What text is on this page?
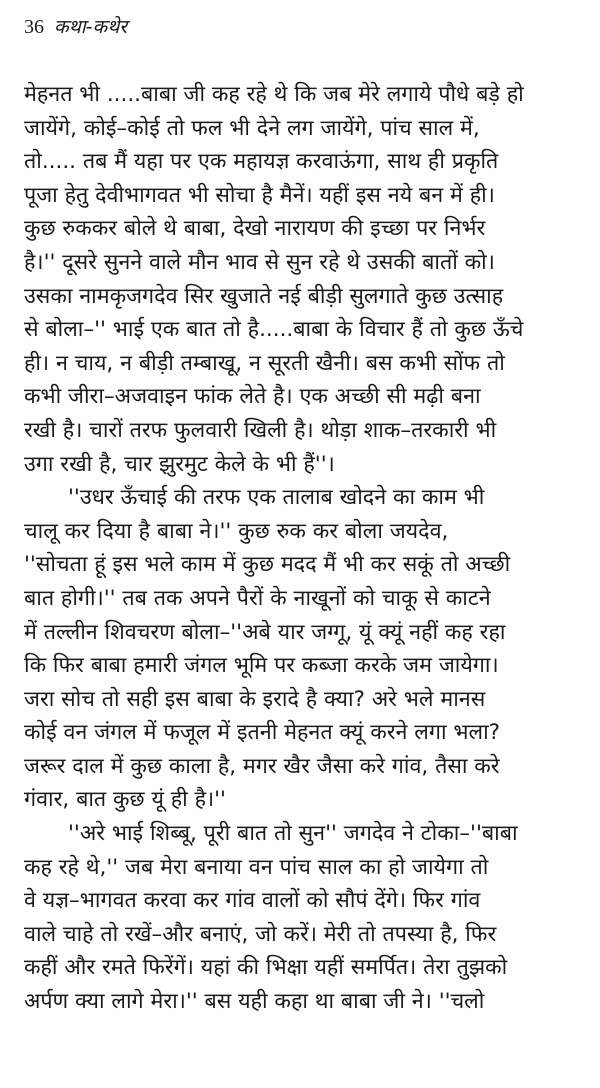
36 कथा-कथेर

मेहनत भी .....बाबा जी कह रहे थे कि जब मेरे लगाये पौधे बड़े हो
जायेंगे, कोई–कोई तो फल भी देने लग जायेंगे, पांच साल में,
तो..... तब मैं यहा पर एक महायज्ञ करवाऊंगा, साथ ही प्रकृति
पूजा हेतु देवीभागवत भी सोचा है मैनें। यहीं इस नये बन में ही।
कुछ रुककर बोले थे बाबा, देखो नारायण की इच्छा पर निर्भर
है।'' दूसरे सुनने वाले मौन भाव से सुन रहे थे उसकी बातों को।
उसका नामकृजगदेव सिर खुजाते नई बीड़ी सुलगाते कुछ उत्साह
से बोला–'' भाई एक बात तो है.....बाबा के विचार हैं तो कुछ ऊँचे
ही। न चाय, न बीड़ी तम्बाखू, न सूरती खैनी। बस कभी सोंफ तो
कभी जीरा–अजवाइन फांक लेते है। एक अच्छी सी मढ़ी बना
रखी है। चारों तरफ फुलवारी खिली है। थोड़ा शाक–तरकारी भी
उगा रखी है, चार झुरमुट केले के भी हैं''।

''उधर ऊँचाई की तरफ एक तालाब खोदने का काम भी
चालू कर दिया है बाबा ने।'' कुछ रुक कर बोला जयदेव,
''सोचता हूं इस भले काम में कुछ मदद मैं भी कर सकूं तो अच्छी
बात होगी।'' तब तक अपने पैरों के नाखूनों को चाकू से काटने
में तल्लीन शिवचरण बोला–''अबे यार जग्गू, यूं क्यूं नहीं कह रहा
कि फिर बाबा हमारी जंगल भूमि पर कब्जा करके जम जायेगा।
जरा सोच तो सही इस बाबा के इरादे है क्या? अरे भले मानस
कोई वन जंगल में फजूल में इतनी मेहनत क्यूं करने लगा भला?
जरूर दाल में कुछ काला है, मगर खैर जैसा करे गांव, तैसा करे
गंवार, बात कुछ यूं ही है।''

''अरे भाई शिब्बू, पूरी बात तो सुन'' जगदेव ने टोका–''बाबा
कह रहे थे,'' जब मेरा बनाया वन पांच साल का हो जायेगा तो
वे यज्ञ–भागवत करवा कर गांव वालों को सौपं देंगे। फिर गांव
वाले चाहे तो रखें–और बनाएं, जो करें। मेरी तो तपस्या है, फिर
कहीं और रमते फिरेंगें। यहां की भिक्षा यहीं समर्पित। तेरा तुझको
अर्पण क्या लागे मेरा।'' बस यही कहा था बाबा जी ने। ''चलो
